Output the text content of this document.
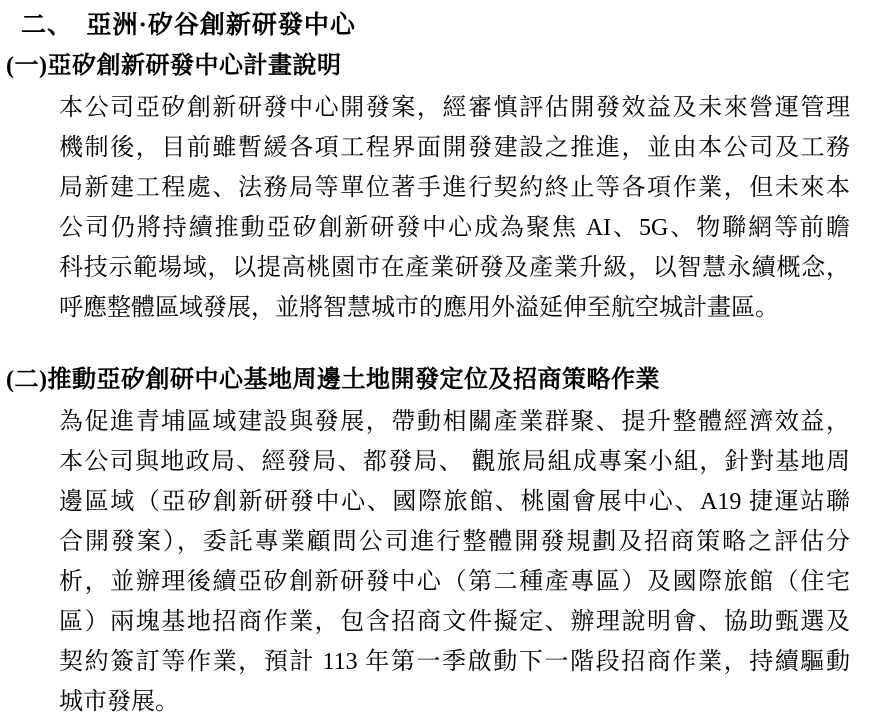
二、　亞洲·矽谷創新研發中心
(一)亞矽創新研發中心計畫說明
本公司亞矽創新研發中心開發案，經審慎評估開發效益及未來營運管理
機制後，目前雖暫緩各項工程界面開發建設之推進，並由本公司及工務
局新建工程處、法務局等單位著手進行契約終止等各項作業，但未來本
公司仍將持續推動亞矽創新研發中心成為聚焦 AI、5G、物聯網等前瞻
科技示範場域，以提高桃園市在產業研發及產業升級，以智慧永續概念，
呼應整體區域發展，並將智慧城市的應用外溢延伸至航空城計畫區。
(二)推動亞矽創研中心基地周邊土地開發定位及招商策略作業
為促進青埔區域建設與發展，帶動相關產業群聚、提升整體經濟效益，
本公司與地政局、經發局、都發局、 觀旅局組成專案小組，針對基地周
邊區域（亞矽創新研發中心、國際旅館、桃園會展中心、A19 捷運站聯
合開發案），委託專業顧問公司進行整體開發規劃及招商策略之評估分
析，並辦理後續亞矽創新研發中心（第二種產專區）及國際旅館（住宅
區）兩塊基地招商作業，包含招商文件擬定、辦理說明會、協助甄選及
契約簽訂等作業，預計 113 年第一季啟動下一階段招商作業，持續驅動
城市發展。
